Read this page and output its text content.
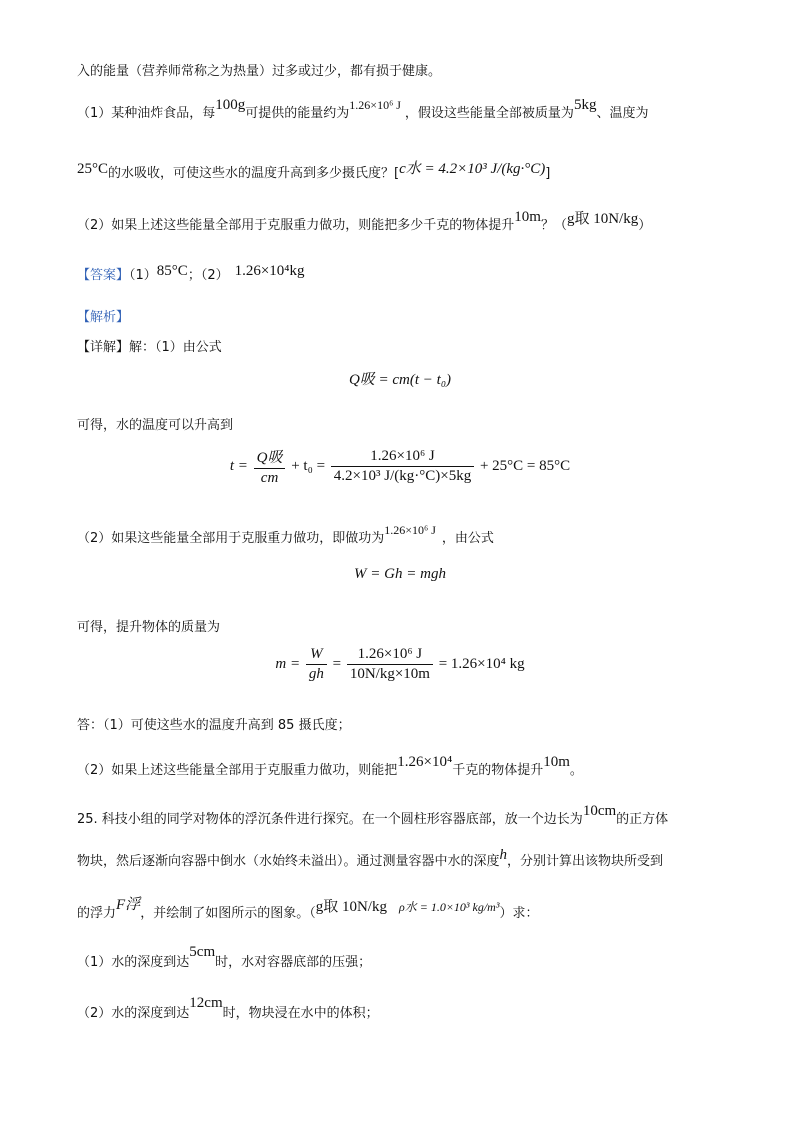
入的能量（营养师常称之为热量）过多或过少，都有损于健康。
（1）某种油炸食品，每100g可提供的能量约为1.26×10⁶ J，假设这些能量全部被质量为5kg、温度为
25°C的水吸收，可使这些水的温度升高到多少摄氏度？[c水 = 4.2×10³ J/(kg·°C)]
（2）如果上述这些能量全部用于克服重力做功，则能把多少千克的物体提升10m？（g取 10N/kg）
【答案】（1）85°C；（2） 1.26×10⁴kg
【解析】
【详解】解：（1）由公式
Q吸 = cm(t − t₀)
可得，水的温度可以升高到
$t = \frac{\text{Q吸}}{cm} + t_0 = \frac{\text{1.26×10⁶ J}}{\text{4.2×10³ J/(kg·°C)×5kg}} + 25^\circ C = 85^\circ C$
（2）如果这些能量全部用于克服重力做功，即做功为1.26×10⁶ J，由公式
W = Gh = mgh
可得，提升物体的质量为
$m = \frac{W}{gh} = \frac{\text{1.26×10⁶ J}}{10N/kg\times 10m} = 1.26\times 10^4$ kg
答：（1）可使这些水的温度升高到 85 摄氏度；
（2）如果上述这些能量全部用于克服重力做功，则能把1.26×10⁴千克的物体提升10m。
25. 科技小组的同学对物体的浮沉条件进行探究。在一个圆柱形容器底部，放一个边长为10cm的正方体
物块，然后逐渐向容器中倒水（水始终未溢出）。通过测量容器中水的深度h，分别计算出该物块所受到
的浮力F浮，并绘制了如图所示的图象。（g取 10N/kg ρ水 = 1.0×10³ kg/m³）求：
（1）水的深度到达5cm时，水对容器底部的压强；
（2）水的深度到达12cm时，物块浸在水中的体积；
